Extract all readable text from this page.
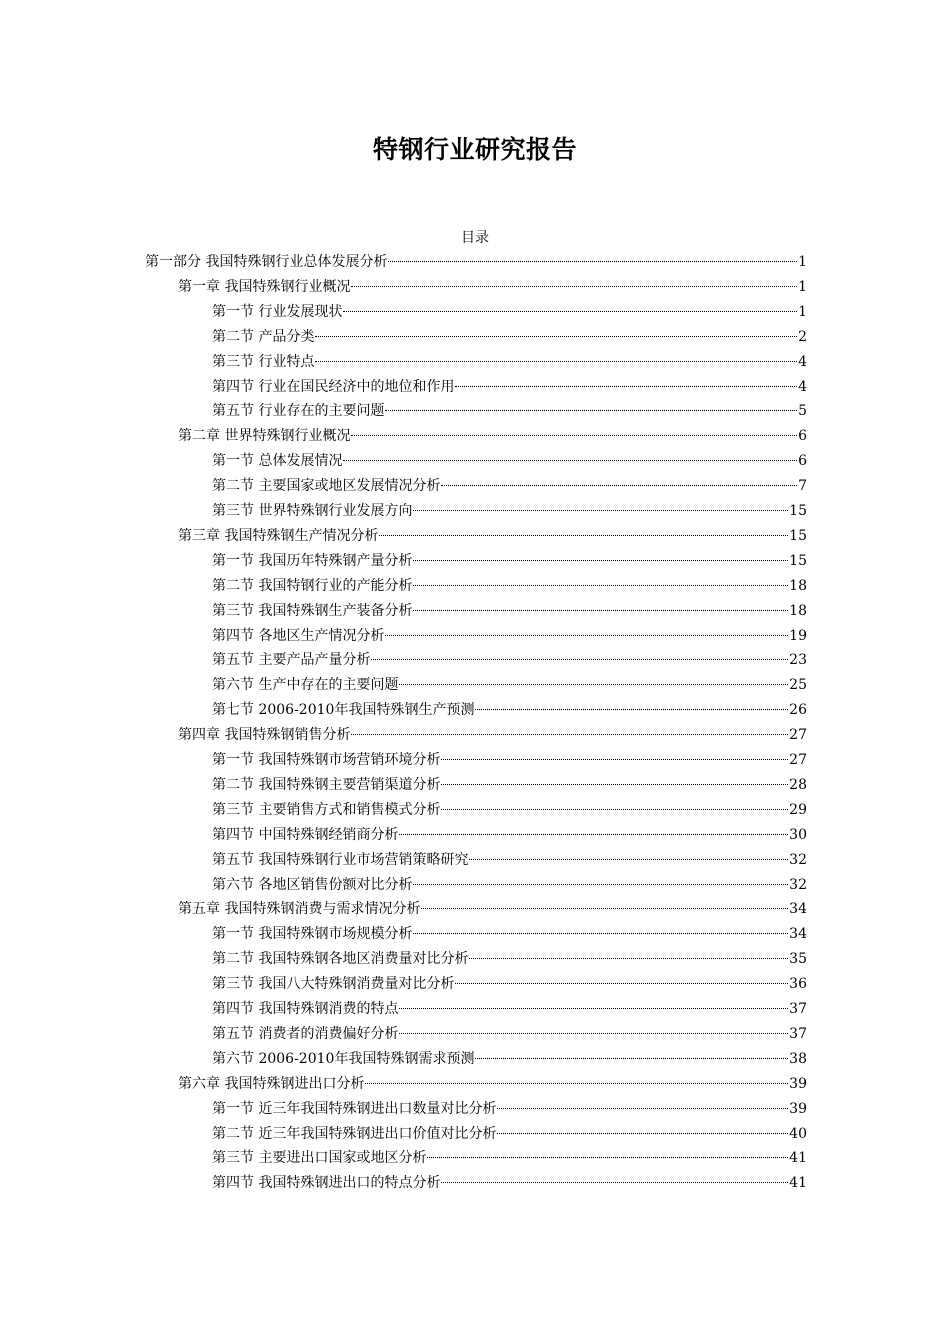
特钢行业研究报告
目录
第一部分 我国特殊钢行业总体发展分析	1
第一章 我国特殊钢行业概况	1
第一节 行业发展现状	1
第二节 产品分类	2
第三节 行业特点	4
第四节 行业在国民经济中的地位和作用	4
第五节 行业存在的主要问题	5
第二章 世界特殊钢行业概况	6
第一节 总体发展情况	6
第二节 主要国家或地区发展情况分析	7
第三节 世界特殊钢行业发展方向	15
第三章 我国特殊钢生产情况分析	15
第一节 我国历年特殊钢产量分析	15
第二节 我国特钢行业的产能分析	18
第三节 我国特殊钢生产装备分析	18
第四节 各地区生产情况分析	19
第五节 主要产品产量分析	23
第六节 生产中存在的主要问题	25
第七节 2006-2010年我国特殊钢生产预测	26
第四章 我国特殊钢销售分析	27
第一节 我国特殊钢市场营销环境分析	27
第二节 我国特殊钢主要营销渠道分析	28
第三节 主要销售方式和销售模式分析	29
第四节 中国特殊钢经销商分析	30
第五节 我国特殊钢行业市场营销策略研究	32
第六节 各地区销售份额对比分析	32
第五章 我国特殊钢消费与需求情况分析	34
第一节 我国特殊钢市场规模分析	34
第二节 我国特殊钢各地区消费量对比分析	35
第三节 我国八大特殊钢消费量对比分析	36
第四节 我国特殊钢消费的特点	37
第五节 消费者的消费偏好分析	37
第六节 2006-2010年我国特殊钢需求预测	38
第六章 我国特殊钢进出口分析	39
第一节 近三年我国特殊钢进出口数量对比分析	39
第二节 近三年我国特殊钢进出口价值对比分析	40
第三节 主要进出口国家或地区分析	41
第四节 我国特殊钢进出口的特点分析	41
